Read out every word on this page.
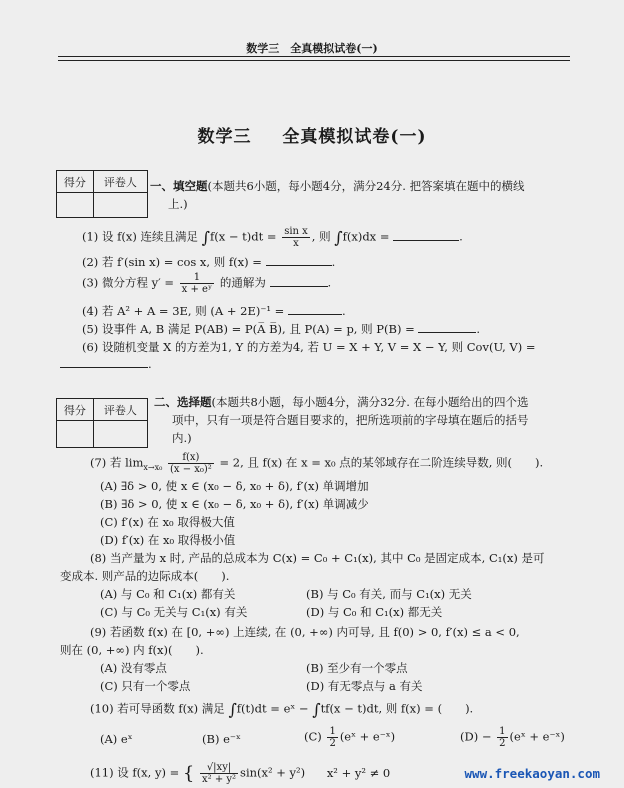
数学三　全真模拟试卷(一)
数学三 全真模拟试卷(一)
得分	评卷人
	一、填空题(本题共6小题，每小题4分，满分24分. 把答案填在题中的横线
上.)
(1) 设 f(x) 连续且满足 $\int f(x - t)dt = \frac{\text{sin x}}{x}$ , 则 ∫f(x)dx =	.
(2) 若 f′(sin x) = cos x, 则 f(x) =	.
(3) 微分方程 $y' = \frac{1}{\text{x + eʸ}}$ 的通解为	.
(4) 若 A² + A = 3E, 则 (A + 2E)⁻¹ =	.
(5) 设事件 A, B 满足 P(AB) = P(A̅ B̅), 且 P(A) = p, 则 P(B) =	.
(6) 设随机变量 X 的方差为1, Y 的方差为4, 若 U = X + Y, V = X − Y, 则 Cov(U, V) =
.
得分	评卷人

二、选择题(本题共8小题，每小题4分，满分32分. 在每小题给出的四个选
项中，只有一项是符合题目要求的，把所选项前的字母填在题后的括号
内.)
(7) 若 $\lim_{x\to x_0} \frac{f(x)}{\text{(x − x₀)²}} = 2$, 且 f(x) 在 x = x₀ 点的某邻域存在二阶连续导数, 则(　　).
(A) ∃δ > 0, 使 x ∈ (x₀ − δ, x₀ + δ), f′(x) 单调增加
(B) ∃δ > 0, 使 x ∈ (x₀ − δ, x₀ + δ), f′(x) 单调减少
(C) f′(x) 在 x₀ 取得极大值
(D) f′(x) 在 x₀ 取得极小值
(8) 当产量为 x 时, 产品的总成本为 C(x) = C₀ + C₁(x), 其中 C₀ 是固定成本, C₁(x) 是可
变成本. 则产品的边际成本(　　).
(A) 与 C₀ 和 C₁(x) 都有关	(B) 与 C₀ 有关, 而与 C₁(x) 无关
(C) 与 C₀ 无关与 C₁(x) 有关	(D) 与 C₀ 和 C₁(x) 都无关
(9) 若函数 f(x) 在 [0, +∞) 上连续, 在 (0, +∞) 内可导, 且 f(0) > 0, f′(x) ≤ a < 0,
则在 (0, +∞) 内 f(x)(　　).
(A) 没有零点	(B) 至少有一个零点
(C) 只有一个零点	(D) 有无零点与 a 有关
(10) 若可导函数 f(x) 满足 ∫f(t)dt = eˣ − ∫tf(x − t)dt, 则 f(x) = (　　).
(A) eˣ	(B) e⁻ˣ	$(C) \frac{1}{2}$ (eˣ + e⁻ˣ)	$(D) - \frac{1}{2}$ (eˣ + e⁻ˣ)
(11) 设 f(x, y) = { $\frac{√|xy|}{\text{x² + y²}} \sin(x^2 + y^2) x^2 + y^2 \ne 0$	www.freekaoyan.com
